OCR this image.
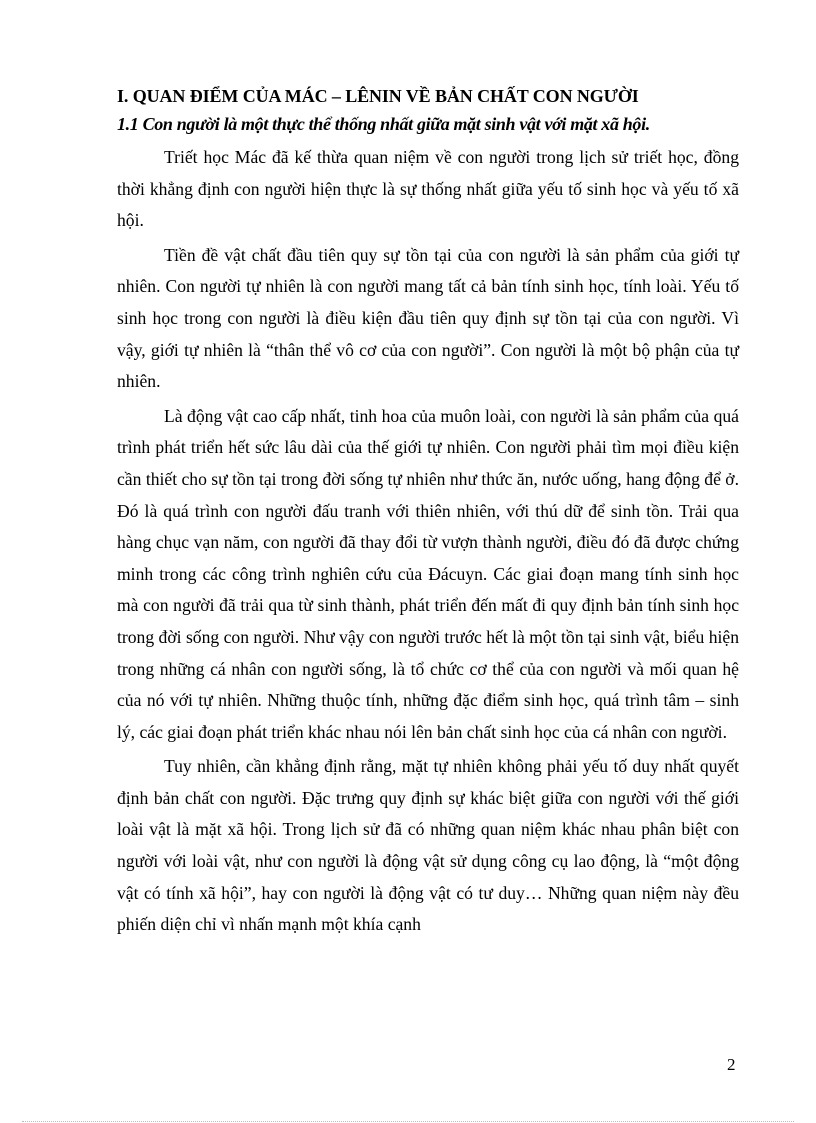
I. QUAN ĐIỂM CỦA MÁC – LÊNIN VỀ BẢN CHẤT CON NGƯỜI
1.1 Con người là một thực thể thống nhất giữa mặt sinh vật với mặt xã hội.

Triết học Mác đã kế thừa quan niệm về con người trong lịch sử triết học, đồng thời khẳng định con người hiện thực là sự thống nhất giữa yếu tố sinh học và yếu tố xã hội.

Tiền đề vật chất đầu tiên quy sự tồn tại của con người là sản phẩm của giới tự nhiên. Con người tự nhiên là con người mang tất cả bản tính sinh học, tính loài. Yếu tố sinh học trong con người là điều kiện đầu tiên quy định sự tồn tại của con người. Vì vậy, giới tự nhiên là “thân thể vô cơ của con người”. Con người là một bộ phận của tự nhiên.

Là động vật cao cấp nhất, tinh hoa của muôn loài, con người là sản phẩm của quá trình phát triển hết sức lâu dài của thế giới tự nhiên. Con người phải tìm mọi điều kiện cần thiết cho sự tồn tại trong đời sống tự nhiên như thức ăn, nước uống, hang động để ở. Đó là quá trình con người đấu tranh với thiên nhiên, với thú dữ để sinh tồn. Trải qua hàng chục vạn năm, con người đã thay đổi từ vượn thành người, điều đó đã được chứng minh trong các công trình nghiên cứu của Đácuyn. Các giai đoạn mang tính sinh học mà con người đã trải qua từ sinh thành, phát triển đến mất đi quy định bản tính sinh học trong đời sống con người. Như vậy con người trước hết là một tồn tại sinh vật, biểu hiện trong những cá nhân con người sống, là tổ chức cơ thể của con người và mối quan hệ của nó với tự nhiên. Những thuộc tính, những đặc điểm sinh học, quá trình tâm – sinh lý, các giai đoạn phát triển khác nhau nói lên bản chất sinh học của cá nhân con người.

Tuy nhiên, cần khẳng định rằng, mặt tự nhiên không phải yếu tố duy nhất quyết định bản chất con người. Đặc trưng quy định sự khác biệt giữa con người với thế giới loài vật là mặt xã hội. Trong lịch sử đã có những quan niệm khác nhau phân biệt con người với loài vật, như con người là động vật sử dụng công cụ lao động, là “một động vật có tính xã hội”, hay con người là động vật có tư duy… Những quan niệm này đều phiến diện chỉ vì nhấn mạnh một khía cạnh

2
